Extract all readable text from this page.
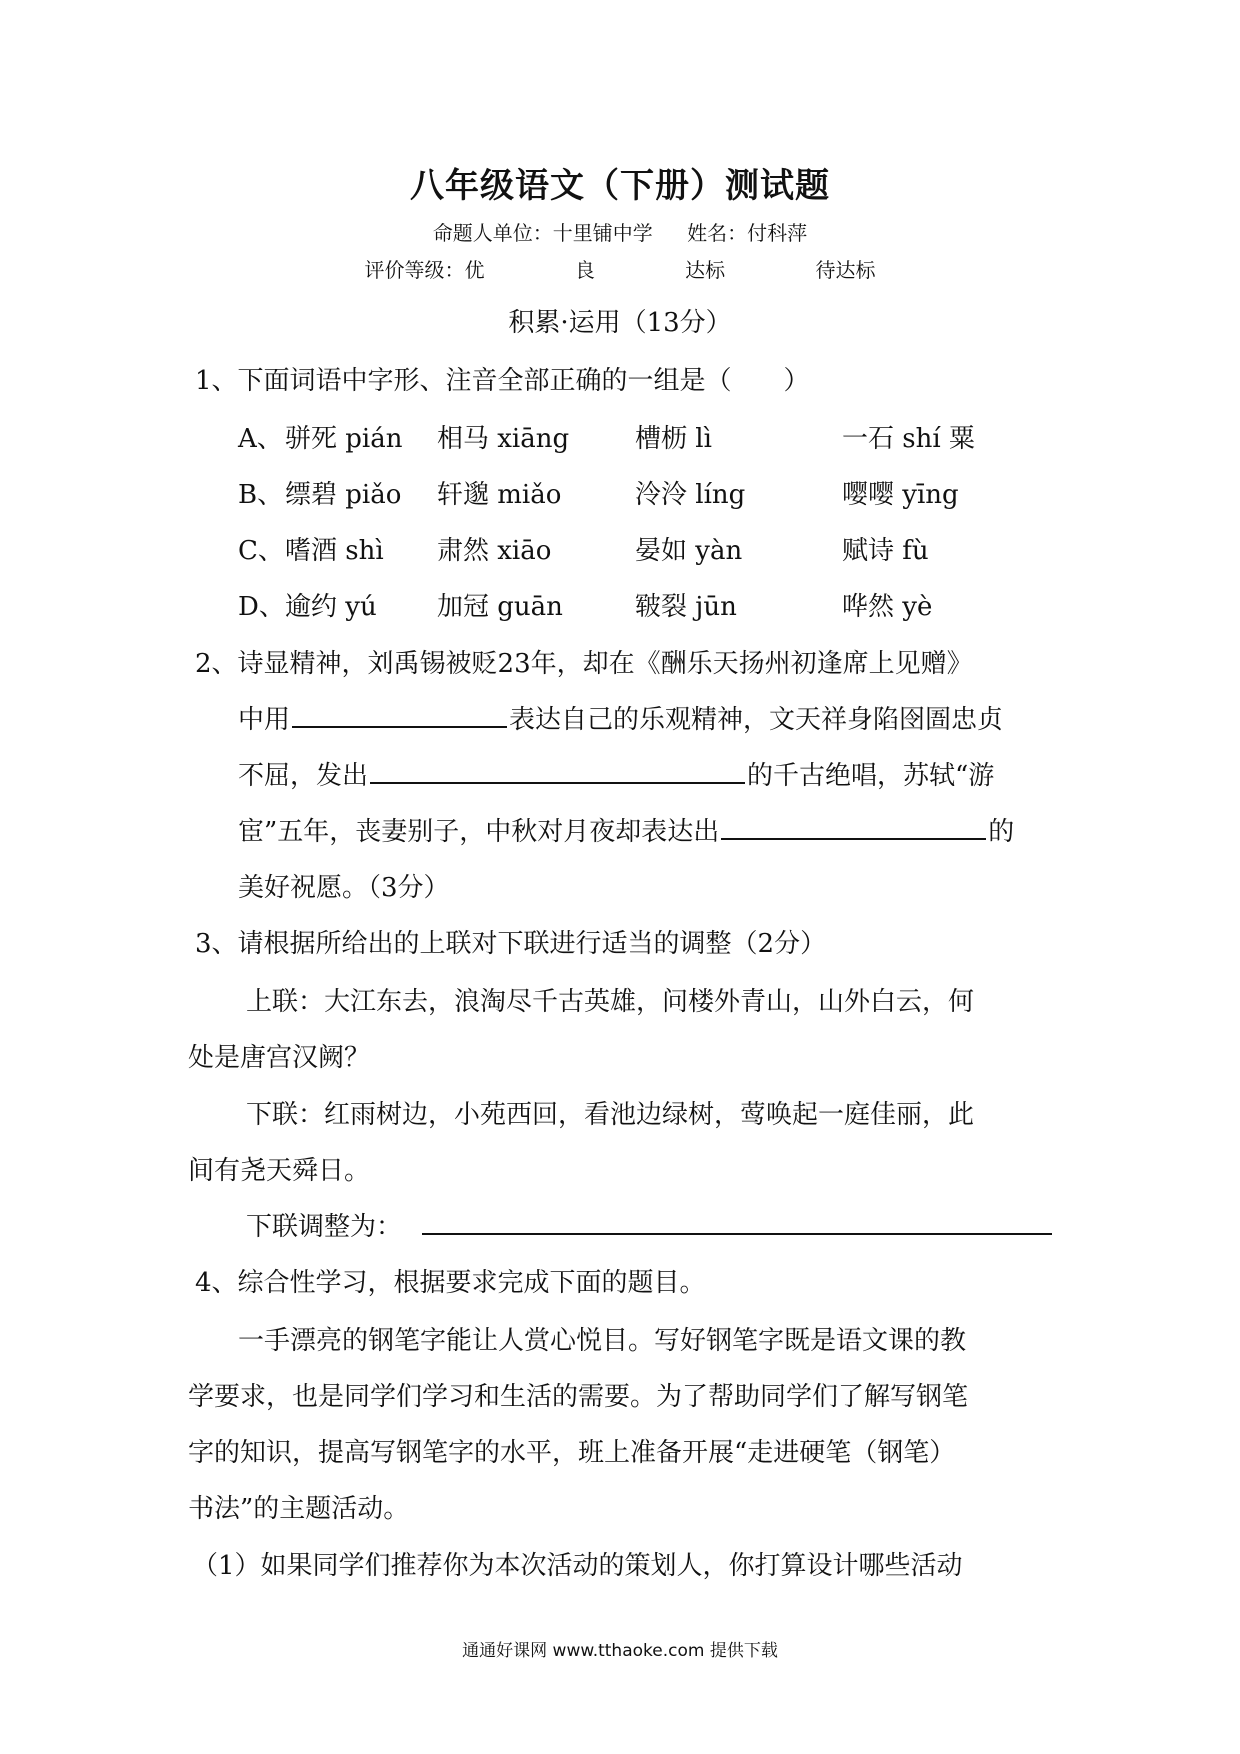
八年级语文（下册）测试题
命题人单位：十里铺中学 姓名：付科萍
评价等级：优	良	达标	待达标
积累·运用（13分）
1、下面词语中字形、注音全部正确的一组是（　　）
A、 骈死 pián 相马 xiāng	槽枥 lì	一石 shí 粟
B、 缥碧 piǎo 轩邈 miǎo	泠泠 líng	嘤嘤 yīng
C、 嗜酒 shì 肃然 xiāo	晏如 yàn	赋诗 fù
D、 逾约 yú 加冠 guān	皲裂 jūn	哗然 yè
2、诗显精神，刘禹锡被贬23年，却在《酬乐天扬州初逢席上见赠》
中用	表达自己的乐观精神，文天祥身陷囹圄忠贞
不屈，发出	的千古绝唱，苏轼“游
宦”五年，丧妻别子，中秋对月夜却表达出	的
美好祝愿。（3分）
3、请根据所给出的上联对下联进行适当的调整（2分）
上联：大江东去，浪淘尽千古英雄，问楼外青山，山外白云，何
处是唐宫汉阙？
下联：红雨树边，小苑西回，看池边绿树，莺唤起一庭佳丽，此
间有尧天舜日。
下联调整为：
4、综合性学习，根据要求完成下面的题目。
一手漂亮的钢笔字能让人赏心悦目。写好钢笔字既是语文课的教
学要求，也是同学们学习和生活的需要。为了帮助同学们了解写钢笔
字的知识，提高写钢笔字的水平，班上准备开展“走进硬笔（钢笔）
书法”的主题活动。
（1）如果同学们推荐你为本次活动的策划人，你打算设计哪些活动
通通好课网 www.tthaoke.com 提供下载
